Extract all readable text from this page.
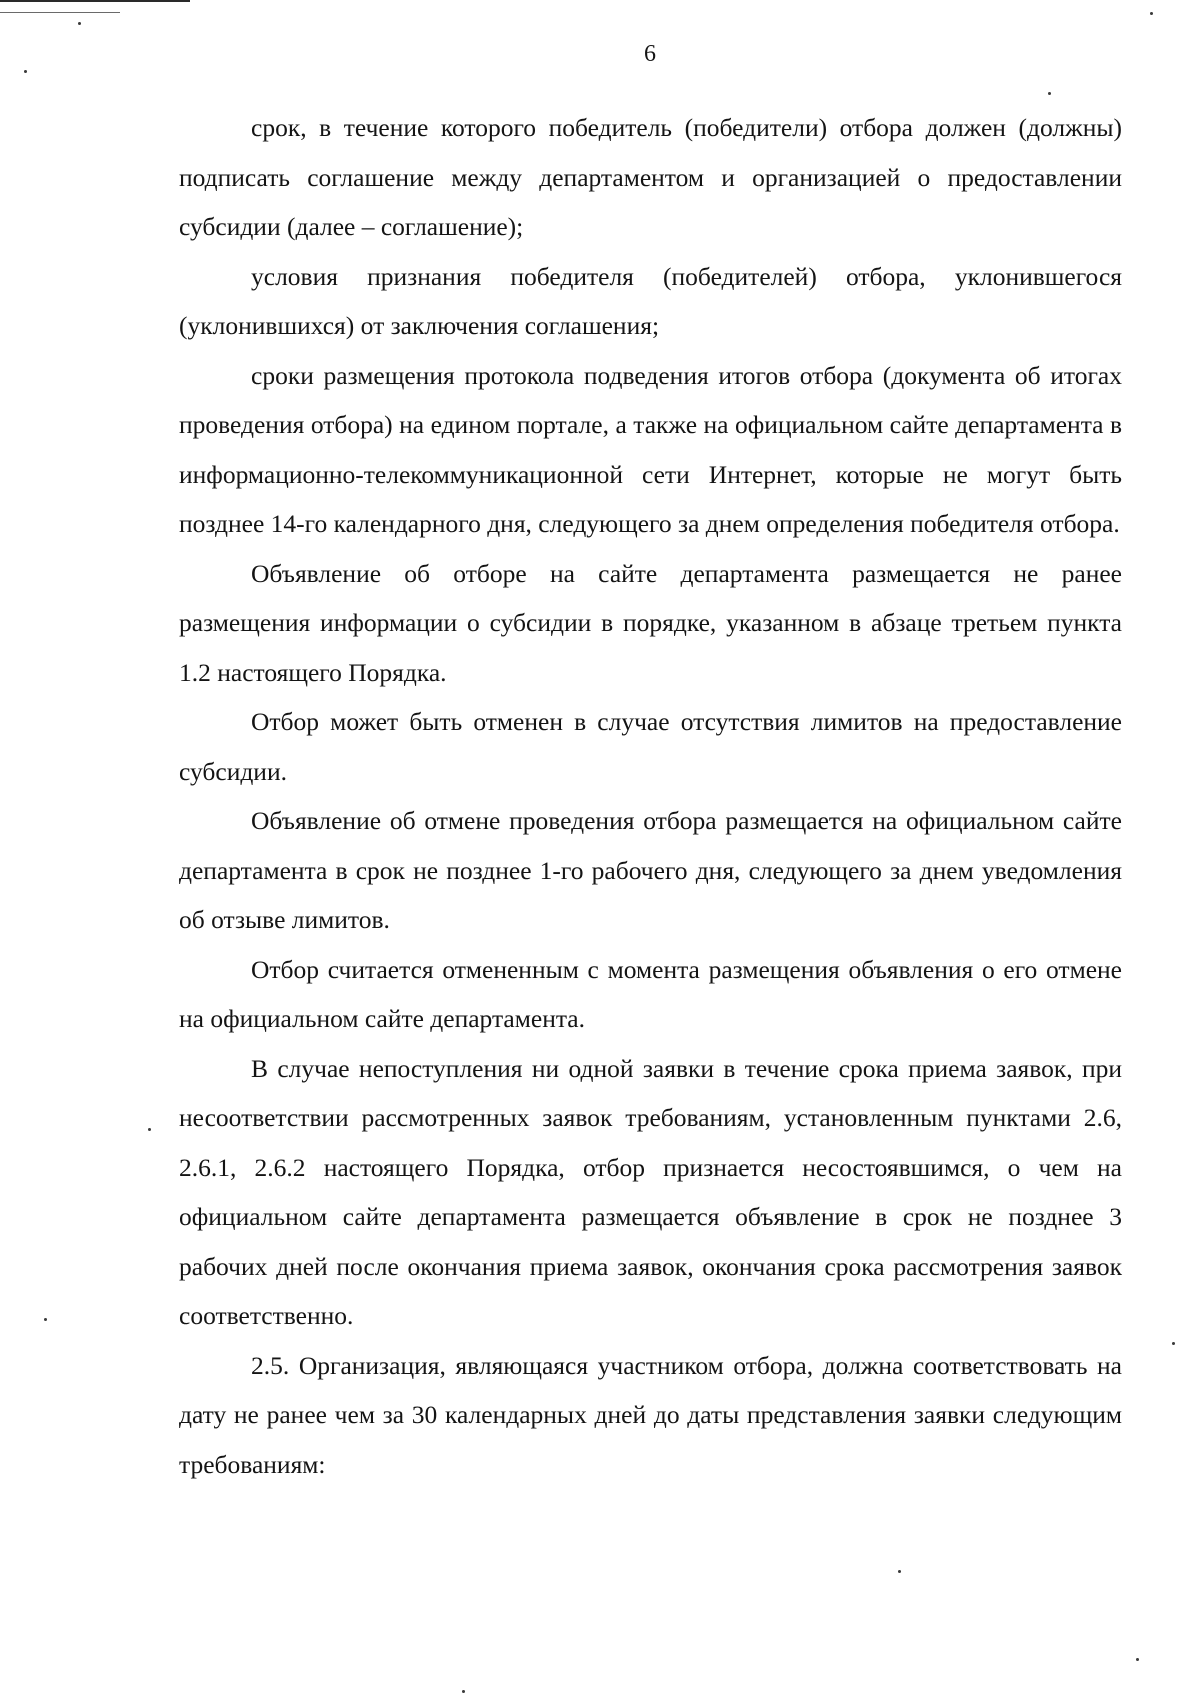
6

срок, в течение которого победитель (победители) отбора должен (должны) подписать соглашение между департаментом и организацией о предоставлении субсидии (далее – соглашение);

условия признания победителя (победителей) отбора, уклонившегося (уклонившихся) от заключения соглашения;

сроки размещения протокола подведения итогов отбора (документа об итогах проведения отбора) на едином портале, а также на официальном сайте департамента в информационно-телекоммуникационной сети Интернет, которые не могут быть позднее 14-го календарного дня, следующего за днем определения победителя отбора.

Объявление об отборе на сайте департамента размещается не ранее размещения информации о субсидии в порядке, указанном в абзаце третьем пункта 1.2 настоящего Порядка.

Отбор может быть отменен в случае отсутствия лимитов на предоставление субсидии.

Объявление об отмене проведения отбора размещается на официальном сайте департамента в срок не позднее 1-го рабочего дня, следующего за днем уведомления об отзыве лимитов.

Отбор считается отмененным с момента размещения объявления о его отмене на официальном сайте департамента.

В случае непоступления ни одной заявки в течение срока приема заявок, при несоответствии рассмотренных заявок требованиям, установленным пунктами 2.6, 2.6.1, 2.6.2 настоящего Порядка, отбор признается несостоявшимся, о чем на официальном сайте департамента размещается объявление в срок не позднее 3 рабочих дней после окончания приема заявок, окончания срока рассмотрения заявок соответственно.

2.5. Организация, являющаяся участником отбора, должна соответствовать на дату не ранее чем за 30 календарных дней до даты представления заявки следующим требованиям:
